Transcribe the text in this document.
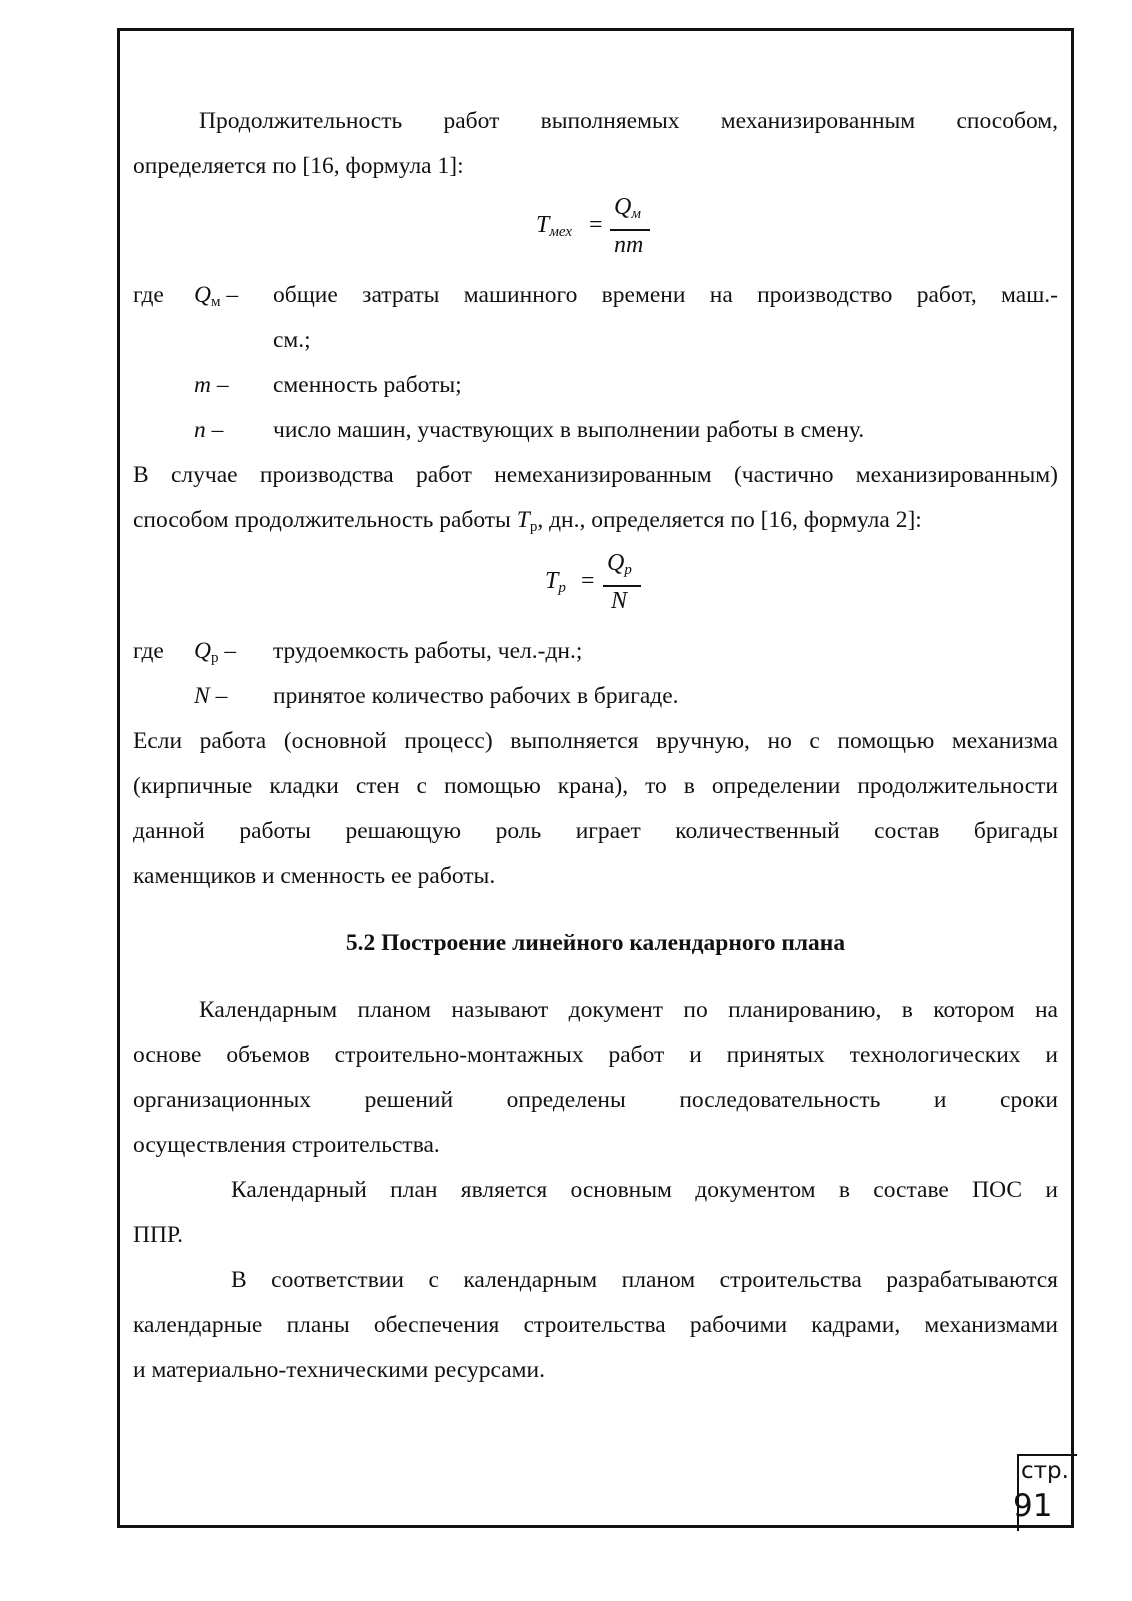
Продолжительность работ выполняемых механизированным способом,
определяется по [16, формула 1]:
$T_{мех}$ =
$Q_м$
nm
где $Q_м$ – общие затраты машинного времени на производство работ, маш.-
см.;
m – сменность работы;
n – число машин, участвующих в выполнении работы в смену.
В случае производства работ немеханизированным (частично механизированным)
способом продолжительность работы $T_р$, дн., определяется по [16, формула 2]:
$T_p$ =
$Q_p$
N
где $Q_р$ – трудоемкость работы, чел.-дн.;
N – принятое количество рабочих в бригаде.
Если работа (основной процесс) выполняется вручную, но с помощью механизма
(кирпичные кладки стен с помощью крана), то в определении продолжительности
данной работы решающую роль играет количественный состав бригады
каменщиков и сменность ее работы.
5.2 Построение линейного календарного плана
Календарным планом называют документ по планированию, в котором на
основе объемов строительно-монтажных работ и принятых технологических и
организационных решений определены последовательность и сроки
осуществления строительства.
Календарный план является основным документом в составе ПОС и
ППР.
В соответствии с календарным планом строительства разрабатываются
календарные планы обеспечения строительства рабочими кадрами, механизмами
и материально-техническими ресурсами.
стр.
91
